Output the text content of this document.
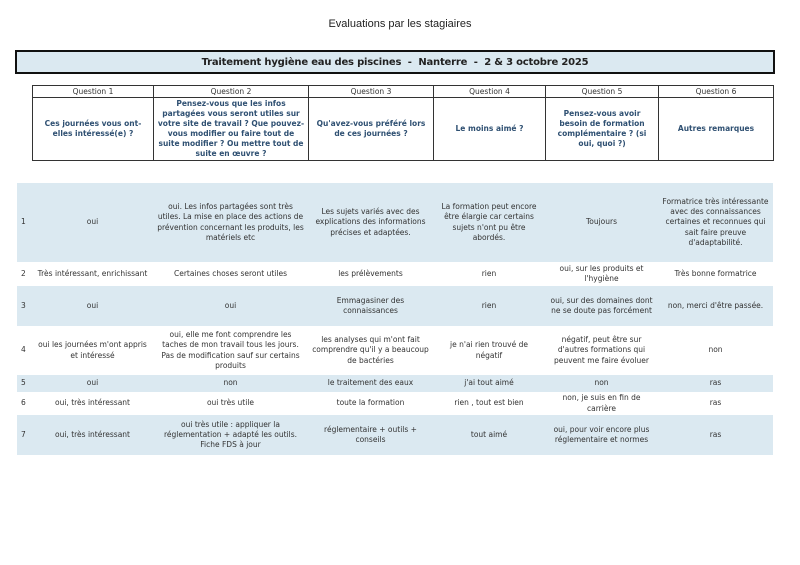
Evaluations par les stagiaires
Traitement hygiène eau des piscines  -  Nanterre  -  2 & 3 octobre 2025
Question 1	Question 2	Question 3	Question 4	Question 5	Question 6
Ces journées vous ont-elles intéressé(e) ?	Pensez-vous que les infos partagées vous seront utiles sur votre site de travail ? Que pouvez-vous modifier ou faire tout de suite modifier ? Ou mettre tout de suite en œuvre ?	Qu'avez-vous préféré lors de ces journées ?	Le moins aimé ?	Pensez-vous avoir besoin de formation complémentaire ? (si oui, quoi ?)	Autres remarques
1	oui	oui. Les infos partagées sont très utiles. La mise en place des actions de prévention concernant les produits, les matériels etc	Les sujets variés avec des explications des informations précises et adaptées.	La formation peut encore être élargie car certains sujets n'ont pu être abordés.	Toujours	Formatrice très intéressante avec des connaissances certaines et reconnues qui sait faire preuve d'adaptabilité.
2	Très intéressant, enrichissant	Certaines choses seront utiles	les prélèvements	rien	oui, sur les produits et l'hygiène	Très bonne formatrice
3	oui	oui	Emmagasiner des connaissances	rien	oui, sur des domaines dont ne se doute pas forcément	non, merci d'être passée.
4	oui les journées m'ont appris et intéressé	oui, elle me font comprendre les taches de mon travail tous les jours. Pas de modification sauf sur certains produits	les analyses qui m'ont fait comprendre qu'il y a beaucoup de bactéries	je n'ai rien trouvé de négatif	négatif, peut être sur d'autres formations qui peuvent me faire évoluer	non
5	oui	non	le traitement des eaux	j'ai tout aimé	non	ras
6	oui, très intéressant	oui très utile	toute la formation	rien , tout est bien	non, je suis en fin de carrière	ras
7	oui, très intéressant	oui très utile : appliquer la réglementation + adapté les outils. Fiche FDS à jour	réglementaire + outils + conseils	tout aimé	oui, pour voir encore plus réglementaire et normes	ras
